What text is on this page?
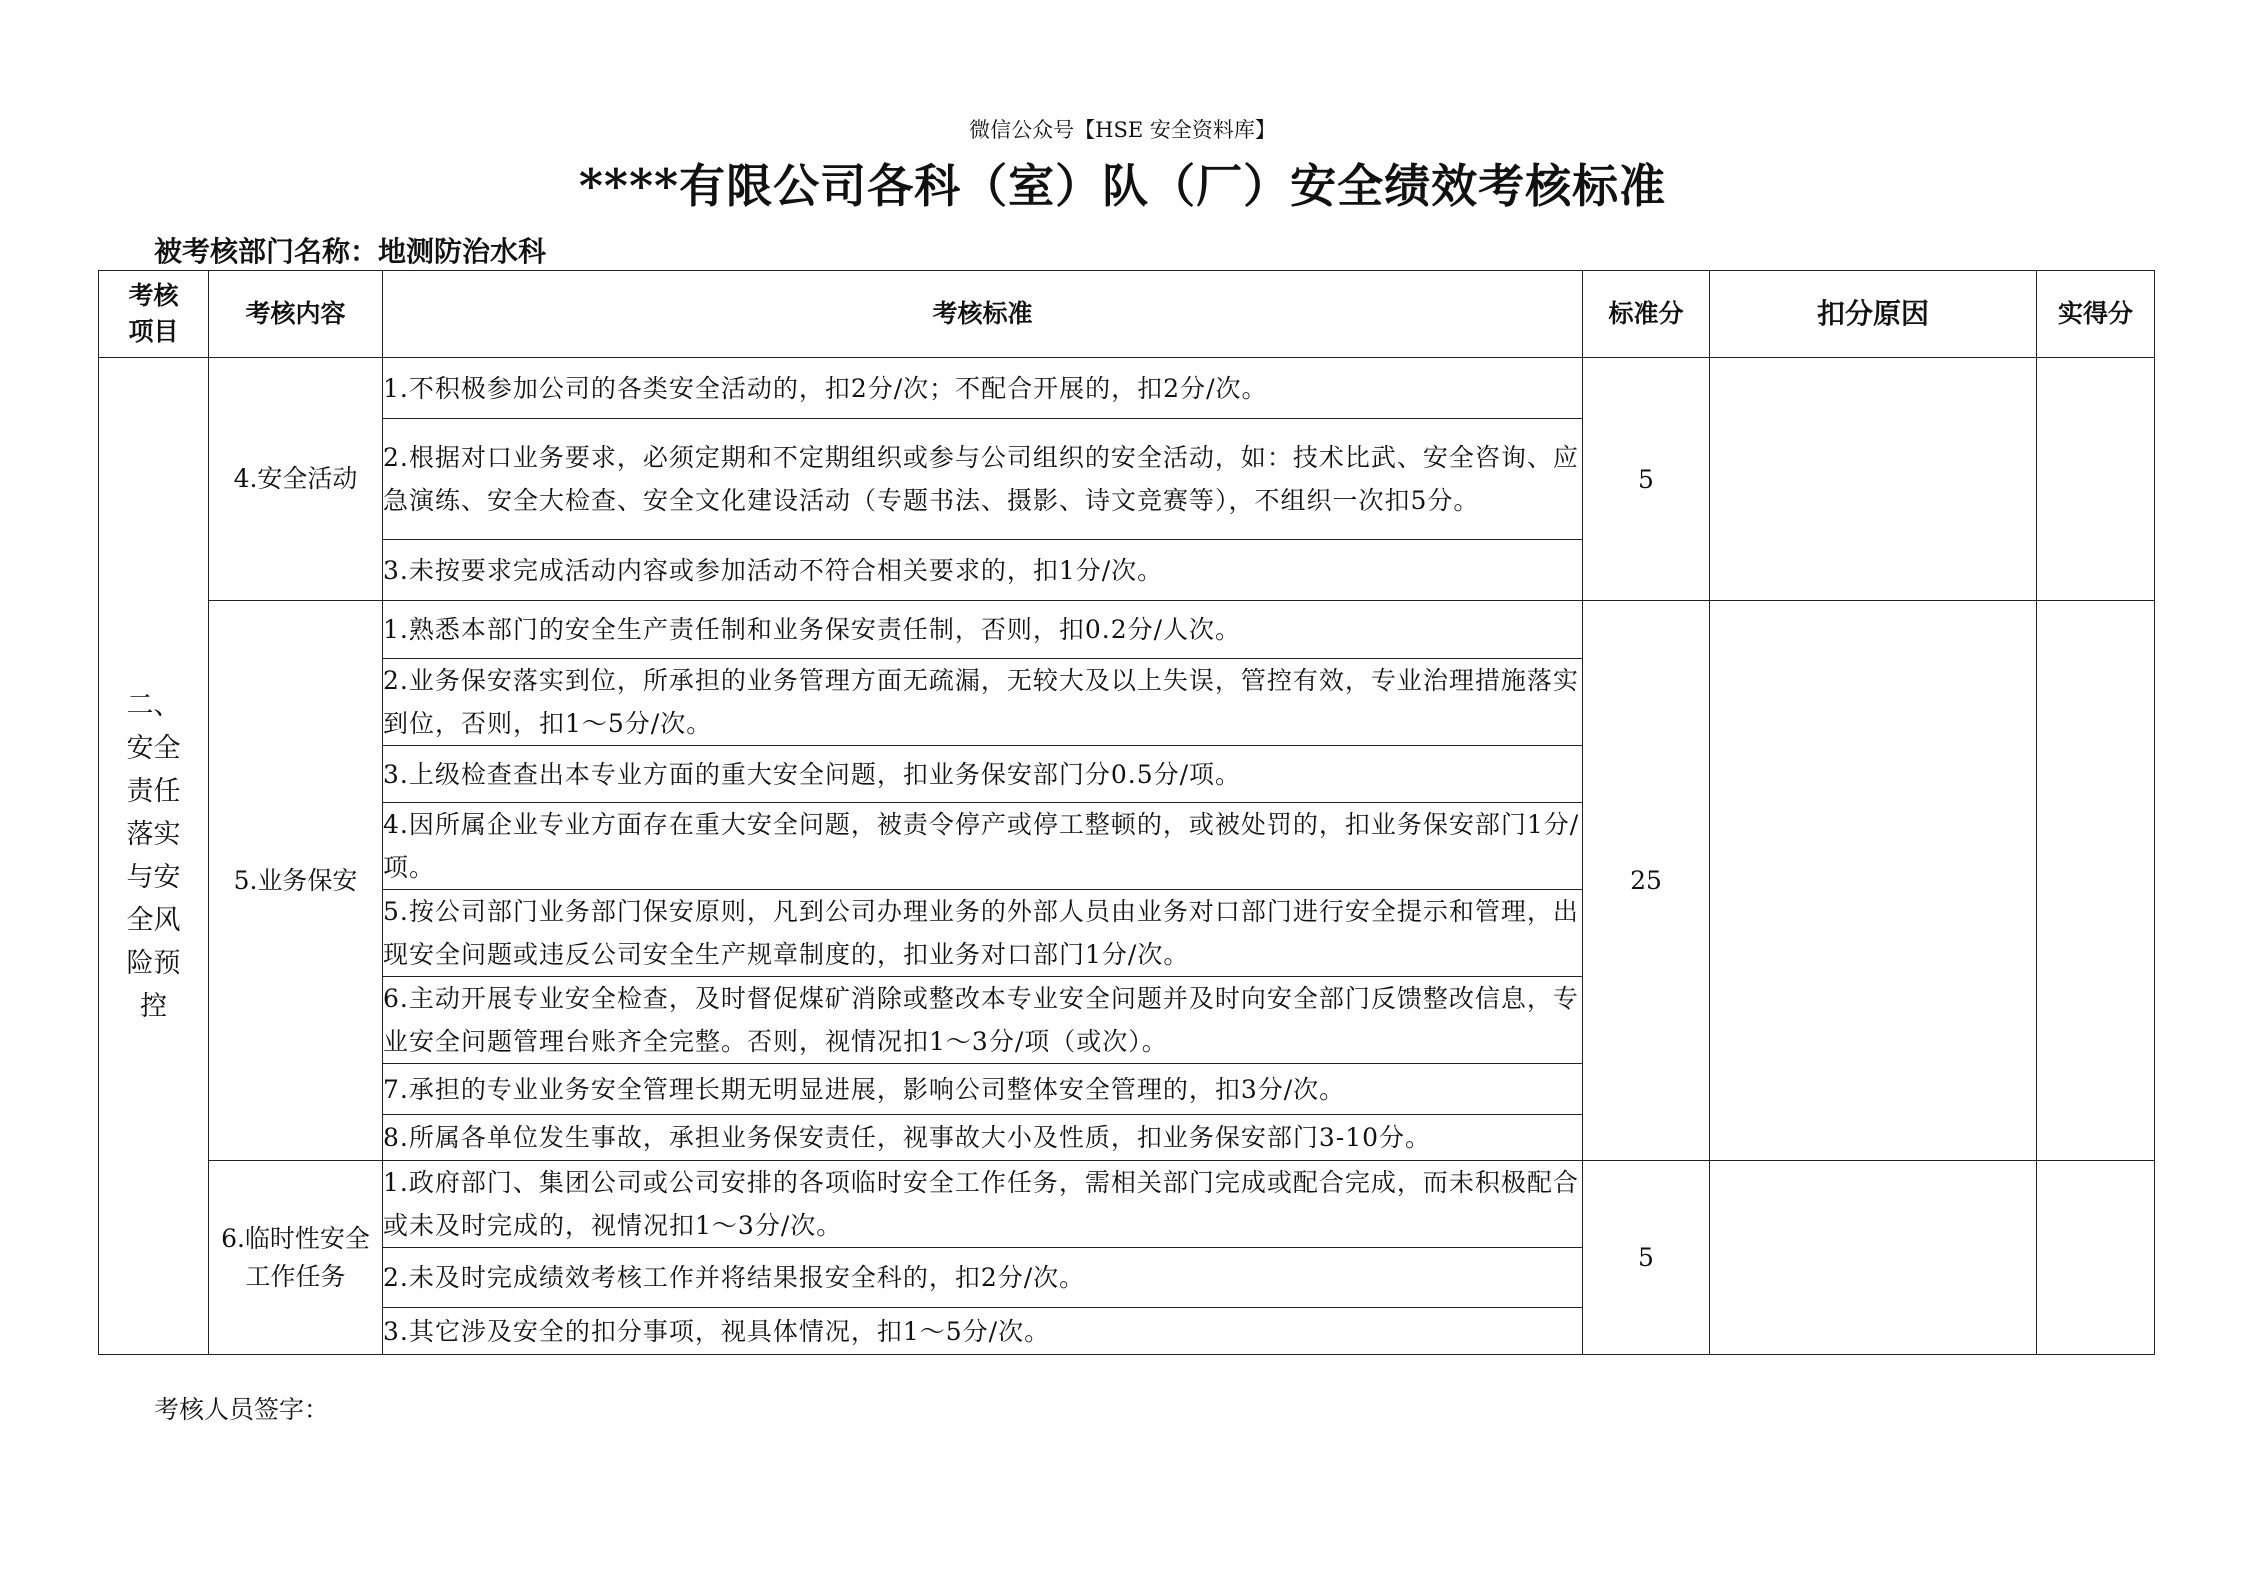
微信公众号【HSE 安全资料库】
****有限公司各科（室）队（厂）安全绩效考核标准
被考核部门名称：地测防治水科
考核项目	考核内容	考核标准	标准分	扣分原因	实得分
二、安全责任落实与安全风险预控	4.安全活动	1.不积极参加公司的各类安全活动的，扣2分/次；不配合开展的，扣2分/次。	5		
		2.根据对口业务要求，必须定期和不定期组织或参与公司组织的安全活动，如：技术比武、安全咨询、应急演练、安全大检查、安全文化建设活动（专题书法、摄影、诗文竞赛等），不组织一次扣5分。			
		3.未按要求完成活动内容或参加活动不符合相关要求的，扣1分/次。			
	5.业务保安	1.熟悉本部门的安全生产责任制和业务保安责任制，否则，扣0.2分/人次。	25		
		2.业务保安落实到位，所承担的业务管理方面无疏漏，无较大及以上失误，管控有效，专业治理措施落实到位，否则，扣1～5分/次。			
		3.上级检查查出本专业方面的重大安全问题，扣业务保安部门分0.5分/项。			
		4.因所属企业专业方面存在重大安全问题，被责令停产或停工整顿的，或被处罚的，扣业务保安部门1分/项。			
		5.按公司部门业务部门保安原则，凡到公司办理业务的外部人员由业务对口部门进行安全提示和管理，出现安全问题或违反公司安全生产规章制度的，扣业务对口部门1分/次。			
		6.主动开展专业安全检查，及时督促煤矿消除或整改本专业安全问题并及时向安全部门反馈整改信息，专业安全问题管理台账齐全完整。否则，视情况扣1～3分/项（或次）。			
		7.承担的专业业务安全管理长期无明显进展，影响公司整体安全管理的，扣3分/次。			
		8.所属各单位发生事故，承担业务保安责任，视事故大小及性质，扣业务保安部门3-10分。			
	6.临时性安全工作任务	1.政府部门、集团公司或公司安排的各项临时安全工作任务，需相关部门完成或配合完成，而未积极配合或未及时完成的，视情况扣1～3分/次。	5		
		2.未及时完成绩效考核工作并将结果报安全科的，扣2分/次。			
		3.其它涉及安全的扣分事项，视具体情况，扣1～5分/次。			
考核人员签字：
